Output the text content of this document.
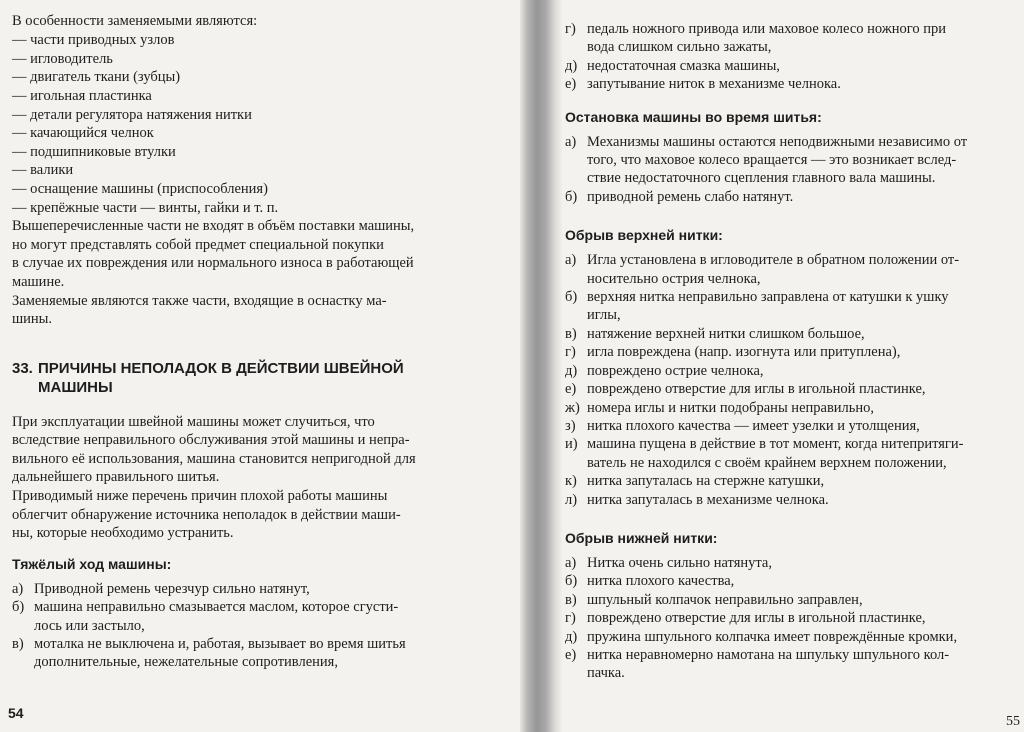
В особенности заменяемыми являются:

— части приводных узлов
— игловодитель
— двигатель ткани (зубцы)
— игольная пластинка
— детали регулятора натяжения нитки
— качающийся челнок
— подшипниковые втулки
— валики
— оснащение машины (приспособления)
— крепёжные части — винты, гайки и т. п.
Вышеперечисленные части не входят в объём поставки машины,
но могут представлять собой предмет специальной покупки
в случае их повреждения или нормального износа в работающей
машине.
Заменяемые являются также части, входящие в оснастку ма-
шины.
33. ПРИЧИНЫ НЕПОЛАДОК В ДЕЙСТВИИ ШВЕЙНОЙ
МАШИНЫ
При эксплуатации швейной машины может случиться, что
вследствие неправильного обслуживания этой машины и непра-
вильного её использования, машина становится непригодной для
дальнейшего правильного шитья.
Приводимый ниже перечень причин плохой работы машины
облегчит обнаружение источника неполадок в действии маши-
ны, которые необходимо устранить.

Тяжёлый ход машины:

а) Приводной ремень черезчур сильно натянут,
б) машина неправильно смазывается маслом, которое сгусти-
лось или застыло,
в) моталка не выключена и, работая, вызывает во время шитья
дополнительные, нежелательные сопротивления,
54
г) педаль ножного привода или маховое колесо ножного при
вода слишком сильно зажаты,
д) недостаточная смазка машины,
е) запутывание ниток в механизме челнока.

Остановка машины во время шитья:

а) Механизмы машины остаются неподвижными независимо от
того, что маховое колесо вращается — это возникает вслед-
ствие недостаточного сцепления главного вала машины.
б) приводной ремень слабо натянут.

Обрыв верхней нитки:

а) Игла установлена в игловодителе в обратном положении от-
носительно острия челнока,
б) верхняя нитка неправильно заправлена от катушки к ушку
иглы,
в) натяжение верхней нитки слишком большое,
г) игла повреждена (напр. изогнута или притуплена),
д) повреждено острие челнока,
е) повреждено отверстие для иглы в игольной пластинке,
ж) номера иглы и нитки подобраны неправильно,
з) нитка плохого качества — имеет узелки и утолщения,
и) машина пущена в действие в тот момент, когда нитепритяги-
ватель не находился с своём крайнем верхнем положении,
к) нитка запуталась на стержне катушки,
л) нитка запуталась в механизме челнока.

Обрыв нижней нитки:

а) Нитка очень сильно натянута,
б) нитка плохого качества,
в) шпульный колпачок неправильно заправлен,
г) повреждено отверстие для иглы в игольной пластинке,
д) пружина шпульного колпачка имеет повреждённые кромки,
е) нитка неравномерно намотана на шпульку шпульного кол-
пачка.
55
